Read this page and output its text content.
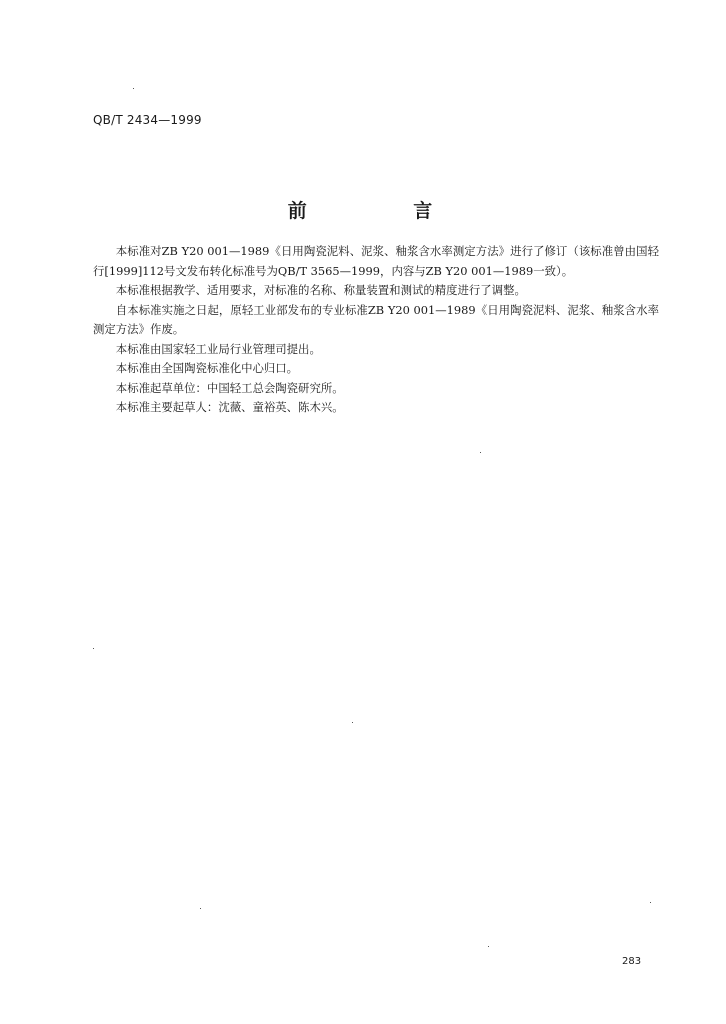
QB/T 2434—1999
前 言

本标准对ZB Y20 001—1989《日用陶瓷泥料、泥浆、釉浆含水率测定方法》进行了修订（该标准曾由国轻行[1999]112号文发布转化标准号为QB/T 3565—1999，内容与ZB Y20 001—1989一致）。

本标准根据教学、适用要求，对标准的名称、称量装置和测试的精度进行了调整。

自本标准实施之日起，原轻工业部发布的专业标准ZB Y20 001—1989《日用陶瓷泥料、泥浆、釉浆含水率测定方法》作废。

本标准由国家轻工业局行业管理司提出。

本标准由全国陶瓷标准化中心归口。

本标准起草单位：中国轻工总会陶瓷研究所。

本标准主要起草人：沈薇、童裕英、陈木兴。

283
